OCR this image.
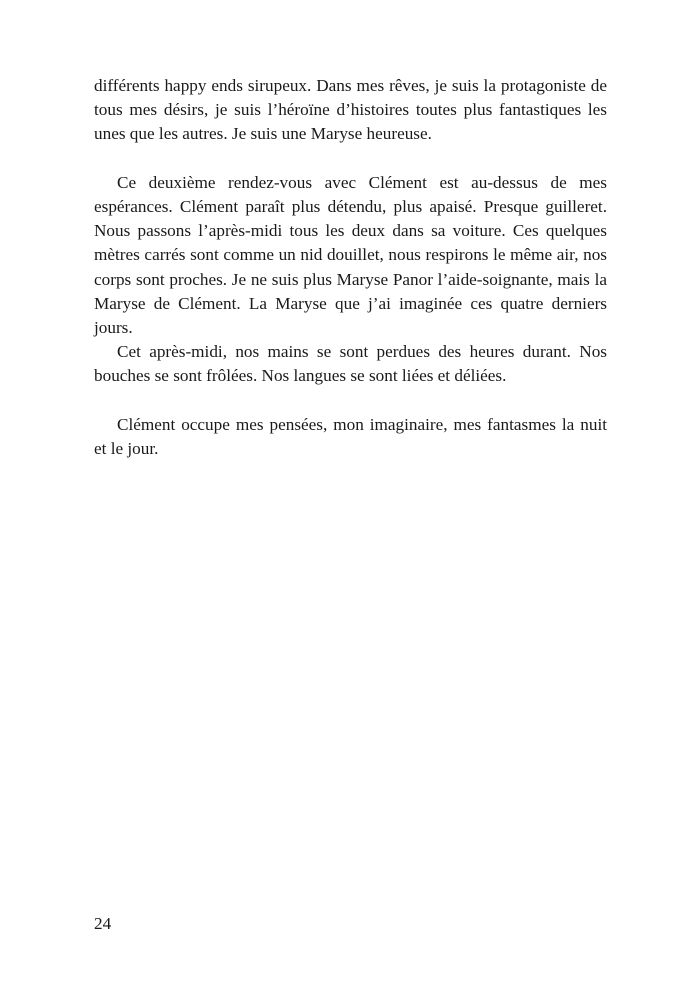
différents happy ends sirupeux. Dans mes rêves, je suis la protagoniste de tous mes désirs, je suis l’héroïne d’histoires toutes plus fantastiques les unes que les autres. Je suis une Maryse heureuse.

Ce deuxième rendez-vous avec Clément est au-dessus de mes espérances. Clément paraît plus détendu, plus apaisé. Presque guilleret. Nous passons l’après-midi tous les deux dans sa voiture. Ces quelques mètres carrés sont comme un nid douillet, nous respirons le même air, nos corps sont proches. Je ne suis plus Maryse Panor l’aide-soignante, mais la Maryse de Clément. La Maryse que j’ai imaginée ces quatre derniers jours.

Cet après-midi, nos mains se sont perdues des heures durant. Nos bouches se sont frôlées. Nos langues se sont liées et déliées.

Clément occupe mes pensées, mon imaginaire, mes fantasmes la nuit et le jour.

24
